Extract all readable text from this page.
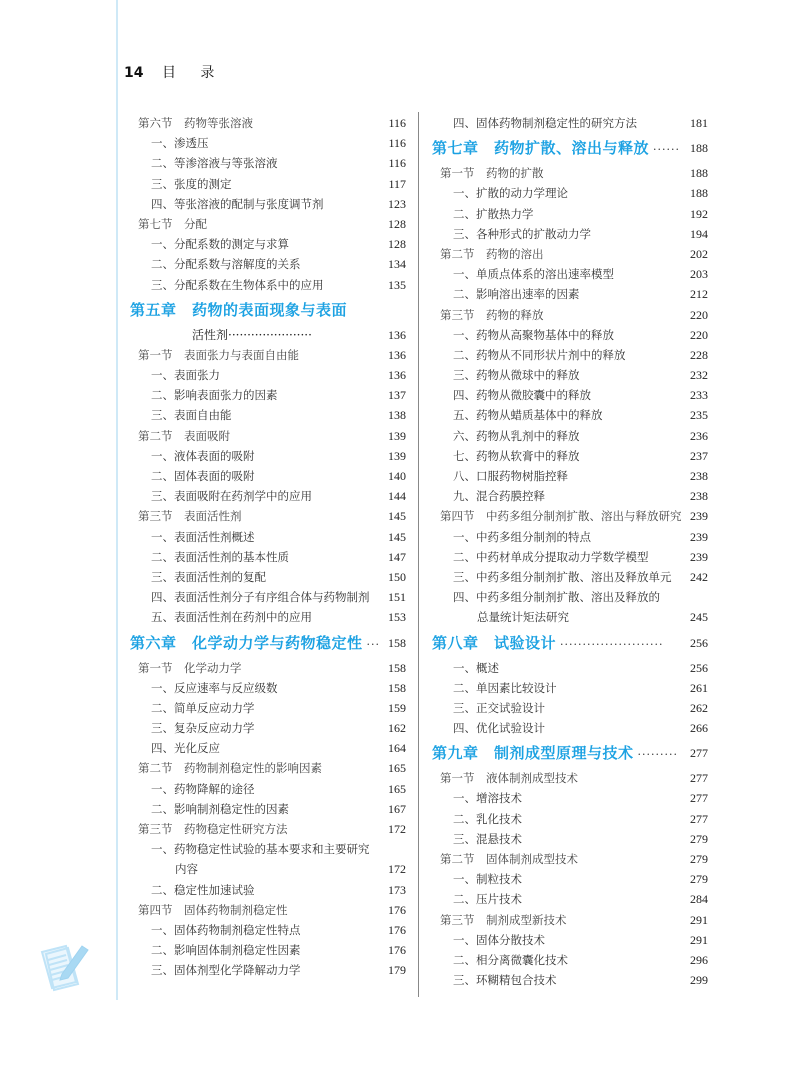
14 目 录
第六节　药物等张溶液	116
一、渗透压	116
二、等渗溶液与等张溶液	116
三、张度的测定	117
四、等张溶液的配制与张度调节剂	123
第七节　分配	128
一、分配系数的测定与求算	128
二、分配系数与溶解度的关系	134
三、分配系数在生物体系中的应用	135
第五章　药物的表面现象与表面
活性剂······················	136
第一节　表面张力与表面自由能	136
一、表面张力	136
二、影响表面张力的因素	137
三、表面自由能	138
第二节　表面吸附	139
一、液体表面的吸附	139
二、固体表面的吸附	140
三、表面吸附在药剂学中的应用	144
第三节　表面活性剂	145
一、表面活性剂概述	145
二、表面活性剂的基本性质	147
三、表面活性剂的复配	150
四、表面活性剂分子有序组合体与药物制剂 151
五、表面活性剂在药剂中的应用	153
第六章　化学动力学与药物稳定性 ··· 158
第一节　化学动力学	158
一、反应速率与反应级数	158
二、简单反应动力学	159
三、复杂反应动力学	162
四、光化反应	164
第二节　药物制剂稳定性的影响因素	165
一、药物降解的途径	165
二、影响制剂稳定性的因素	167
第三节　药物稳定性研究方法	172
一、药物稳定性试验的基本要求和主要研究
内容	172
二、稳定性加速试验	173
第四节　固体药物制剂稳定性	176
一、固体药物制剂稳定性特点	176
二、影响固体制剂稳定性因素	176
三、固体剂型化学降解动力学	179
四、固体药物制剂稳定性的研究方法	181
第七章　药物扩散、溶出与释放 ······ 188
第一节　药物的扩散	188
一、扩散的动力学理论	188
二、扩散热力学	192
三、各种形式的扩散动力学	194
第二节　药物的溶出	202
一、单质点体系的溶出速率模型	203
二、影响溶出速率的因素	212
第三节　药物的释放	220
一、药物从高聚物基体中的释放	220
二、药物从不同形状片剂中的释放	228
三、药物从微球中的释放	232
四、药物从微胶囊中的释放	233
五、药物从蜡质基体中的释放	235
六、药物从乳剂中的释放	236
七、药物从软膏中的释放	237
八、口服药物树脂控释	238
九、混合药膜控释	238
第四节　中药多组分制剂扩散、溶出与释放研究 239
一、中药多组分制剂的特点	239
二、中药材单成分提取动力学数学模型	239
三、中药多组分制剂扩散、溶出及释放单元 242
四、中药多组分制剂扩散、溶出及释放的
总量统计矩法研究	245
第八章　试验设计 ······················· 256
一、概述	256
二、单因素比较设计	261
三、正交试验设计	262
四、优化试验设计	266
第九章　制剂成型原理与技术 ········· 277
第一节　液体制剂成型技术	277
一、增溶技术	277
二、乳化技术	277
三、混悬技术	279
第二节　固体制剂成型技术	279
一、制粒技术	279
二、压片技术	284
第三节　制剂成型新技术	291
一、固体分散技术	291
二、相分离微囊化技术	296
三、环糊精包合技术	299
